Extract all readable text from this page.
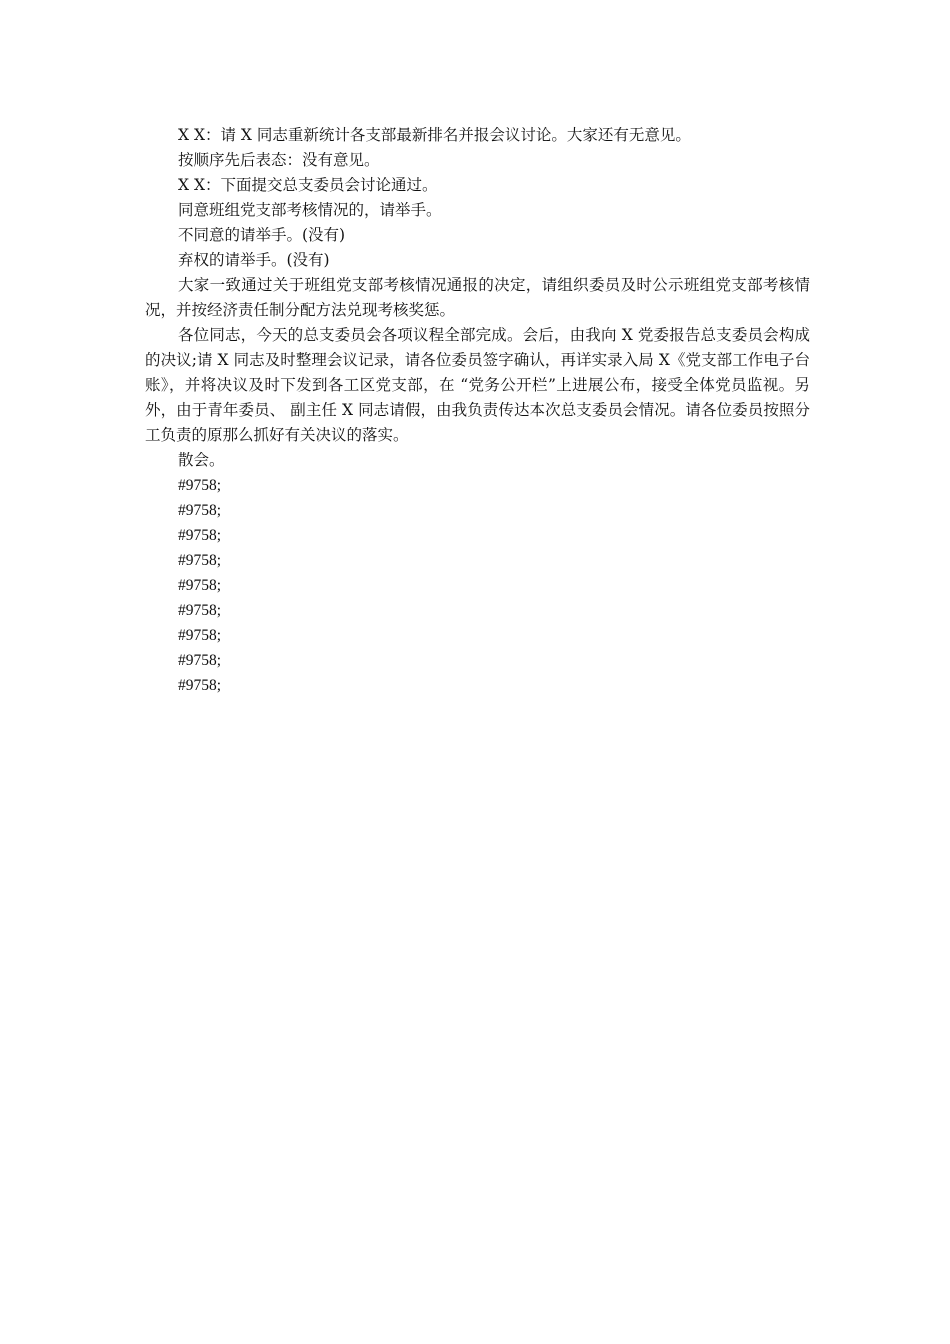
X X：请 X 同志重新统计各支部最新排名并报会议讨论。大家还有无意见。

按顺序先后表态：没有意见。

X X：下面提交总支委员会讨论通过。

同意班组党支部考核情况的，请举手。

不同意的请举手。(没有)

弃权的请举手。(没有)

大家一致通过关于班组党支部考核情况通报的决定，请组织委员及时公示班组党支部考核情况，并按经济责任制分配方法兑现考核奖惩。

各位同志，今天的总支委员会各项议程全部完成。会后，由我向 X 党委报告总支委员会构成的决议;请 X 同志及时整理会议记录，请各位委员签字确认，再详实录入局 X《党支部工作电子台账》，并将决议及时下发到各工区党支部，在 “党务公开栏”上进展公布，接受全体党员监视。另外，由于青年委员、 副主任 X 同志请假，由我负责传达本次总支委员会情况。请各位委员按照分工负责的原那么抓好有关决议的落实。

散会。

#9758;

#9758;

#9758;

#9758;

#9758;

#9758;

#9758;

#9758;

#9758;
